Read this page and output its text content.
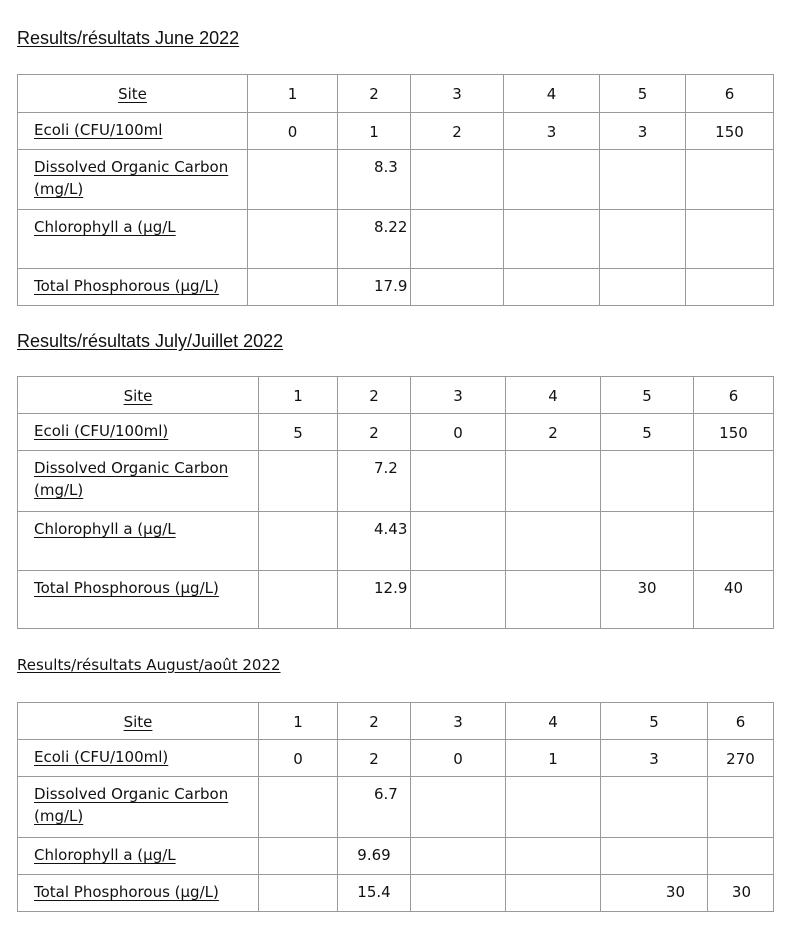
Results/résultats June 2022
Site	1	2	3	4	5	6
Ecoli (CFU/100ml	0	1	2	3	3	150
Dissolved Organic Carbon (mg/L)		8.3				
Chlorophyll a (µg/L		8.22				
Total Phosphorous (µg/L)		17.9				
Results/résultats July/Juillet 2022
Site	1	2	3	4	5	6
Ecoli (CFU/100ml)	5	2	0	2	5	150
Dissolved Organic Carbon (mg/L)		7.2				
Chlorophyll a (µg/L		4.43				
Total Phosphorous (µg/L)		12.9			30	40
Results/résultats August/août 2022
Site	1	2	3	4	5	6
Ecoli (CFU/100ml)	0	2	0	1	3	270
Dissolved Organic Carbon (mg/L)		6.7				
Chlorophyll a (µg/L		9.69				
Total Phosphorous (µg/L)		15.4			30	30
